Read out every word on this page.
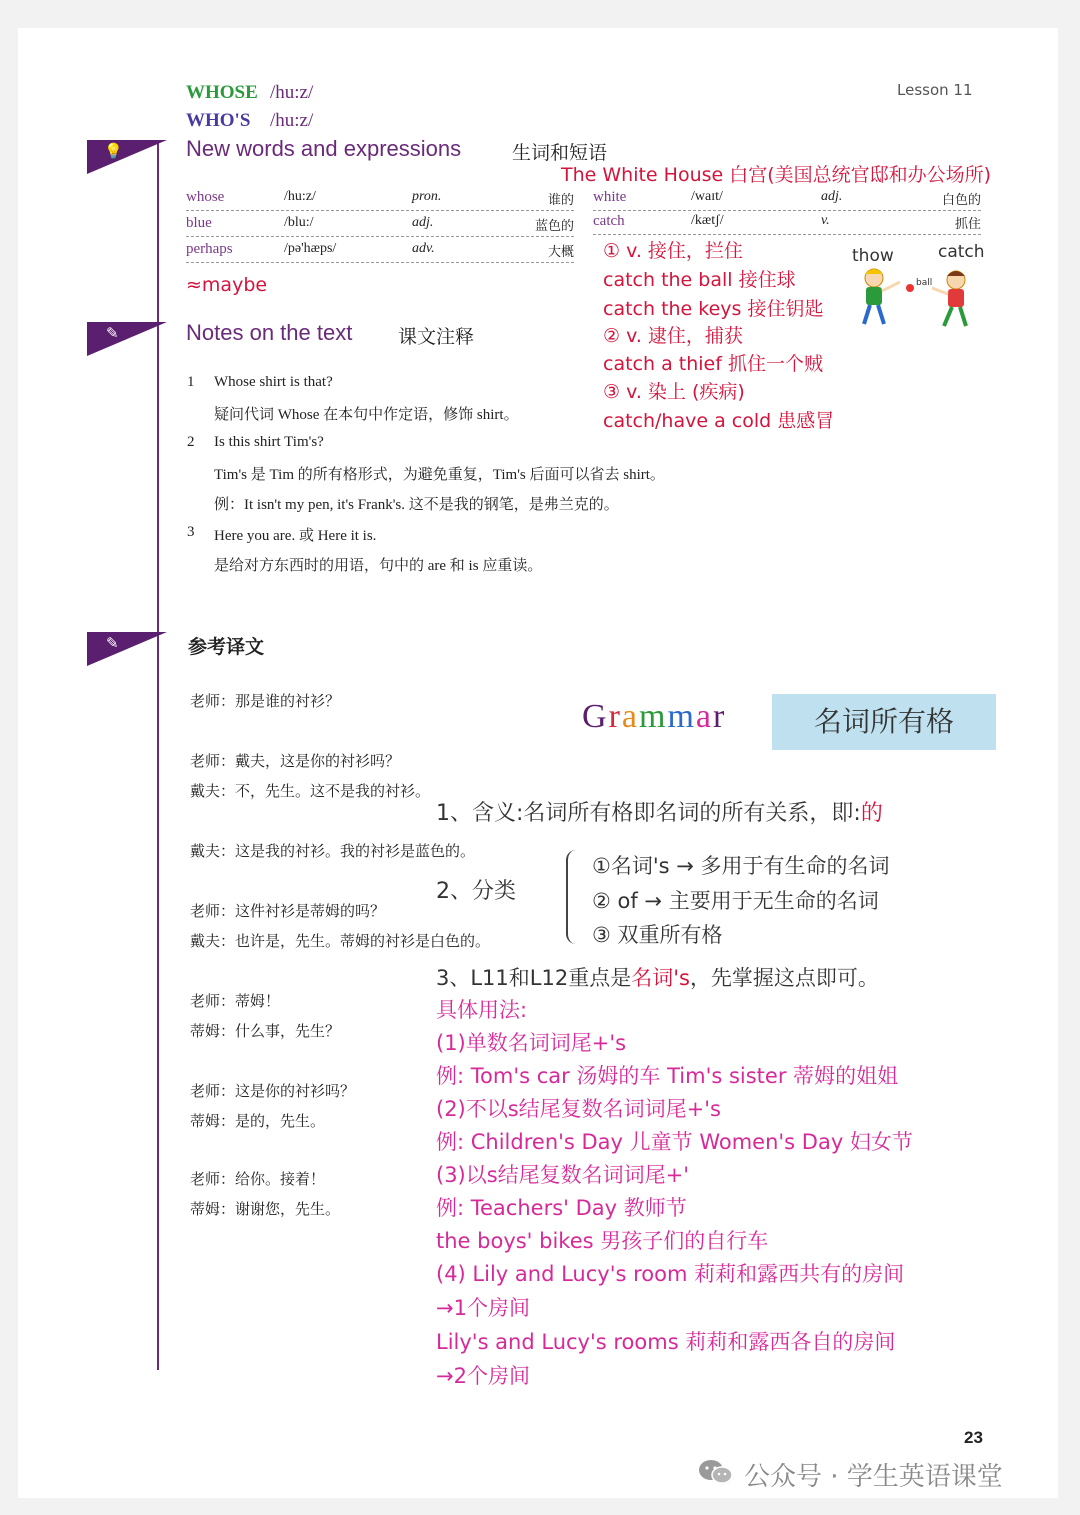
WHOSE /hu:z/
WHO'S /hu:z/
Lesson 11
💡	New words and expressions	生词和短语
The White House 白宫(美国总统官邸和办公场所)
whose	/hu:z/	pron.	谁的
blue	/blu:/	adj.	蓝色的
perhaps	/pə'hæps/	adv.	大概
white	/waɪt/	adj.	白色的
catch	/kætʃ/	v.	抓住
≈maybe
① v. 接住，拦住
catch the ball 接住球
catch the keys 接住钥匙
② v. 逮住，捕获
catch a thief 抓住一个贼
③ v. 染上 (疾病)
catch/have a cold 患感冒
thow	catch
ball
✎	Notes on the text 课文注释
1 Whose shirt is that?
疑问代词 Whose 在本句中作定语，修饰 shirt。
2 Is this shirt Tim's?
Tim's 是 Tim 的所有格形式，为避免重复，Tim's 后面可以省去 shirt。
例：It isn't my pen, it's Frank's. 这不是我的钢笔，是弗兰克的。
3 Here you are. 或 Here it is.
是给对方东西时的用语，句中的 are 和 is 应重读。
✎	参考译文
老师：那是谁的衬衫？
老师：戴夫，这是你的衬衫吗？
戴夫：不，先生。这不是我的衬衫。
戴夫：这是我的衬衫。我的衬衫是蓝色的。
老师：这件衬衫是蒂姆的吗？
戴夫：也许是，先生。蒂姆的衬衫是白色的。
老师：蒂姆！
蒂姆：什么事，先生？
老师：这是你的衬衫吗？
蒂姆：是的，先生。
老师：给你。接着！
蒂姆：谢谢您，先生。
Grammar	名词所有格
1、含义:名词所有格即名词的所有关系，即:的
2、分类
①名词's → 多用于有生命的名词
② of → 主要用于无生命的名词
③ 双重所有格
3、L11和L12重点是名词's，先掌握这点即可。
具体用法:
(1)单数名词词尾+'s
例: Tom's car 汤姆的车 Tim's sister 蒂姆的姐姐
(2)不以s结尾复数名词词尾+'s
例: Children's Day 儿童节 Women's Day 妇女节
(3)以s结尾复数名词词尾+'
例: Teachers' Day 教师节
the boys' bikes 男孩子们的自行车
(4) Lily and Lucy's room 莉莉和露西共有的房间
→1个房间
Lily's and Lucy's rooms 莉莉和露西各自的房间
→2个房间
23
公众号 · 学生英语课堂
